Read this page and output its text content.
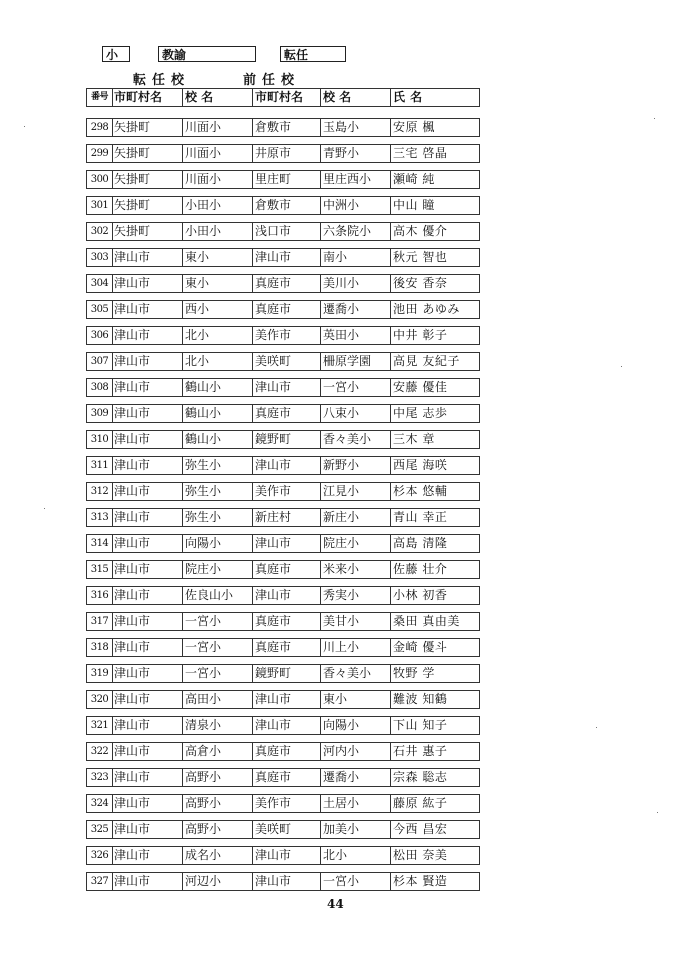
小	教諭	転任
転任校	前任校
番号 市町村名	校 名	市町村名	校 名	氏 名
298 矢掛町	川面小	倉敷市	玉島小	安原 楓
299 矢掛町	川面小	井原市	青野小	三宅 啓晶
300 矢掛町	川面小	里庄町	里庄西小	瀬崎 純
301 矢掛町	小田小	倉敷市	中洲小	中山 瞳
302 矢掛町	小田小	浅口市	六条院小	高木 優介
303 津山市	東小	津山市	南小	秋元 智也
304 津山市	東小	真庭市	美川小	後安 香奈
305 津山市	西小	真庭市	遷喬小	池田 あゆみ
306 津山市	北小	美作市	英田小	中井 彰子
307 津山市	北小	美咲町	柵原学園	高見 友紀子
308 津山市	鶴山小	津山市	一宮小	安藤 優佳
309 津山市	鶴山小	真庭市	八束小	中尾 志歩
310 津山市	鶴山小	鏡野町	香々美小	三木 章
311 津山市	弥生小	津山市	新野小	西尾 海咲
312 津山市	弥生小	美作市	江見小	杉本 悠輔
313 津山市	弥生小	新庄村	新庄小	青山 幸正
314 津山市	向陽小	津山市	院庄小	高島 清隆
315 津山市	院庄小	真庭市	米来小	佐藤 壮介
316 津山市	佐良山小	津山市	秀実小	小林 初香
317 津山市	一宮小	真庭市	美甘小	桑田 真由美
318 津山市	一宮小	真庭市	川上小	金崎 優斗
319 津山市	一宮小	鏡野町	香々美小	牧野 学
320 津山市	高田小	津山市	東小	難波 知鶴
321 津山市	清泉小	津山市	向陽小	下山 知子
322 津山市	高倉小	真庭市	河内小	石井 惠子
323 津山市	高野小	真庭市	遷喬小	宗森 聡志
324 津山市	高野小	美作市	土居小	藤原 紘子
325 津山市	高野小	美咲町	加美小	今西 昌宏
326 津山市	成名小	津山市	北小	松田 奈美
327 津山市	河辺小	津山市	一宮小	杉本 賢造
44
